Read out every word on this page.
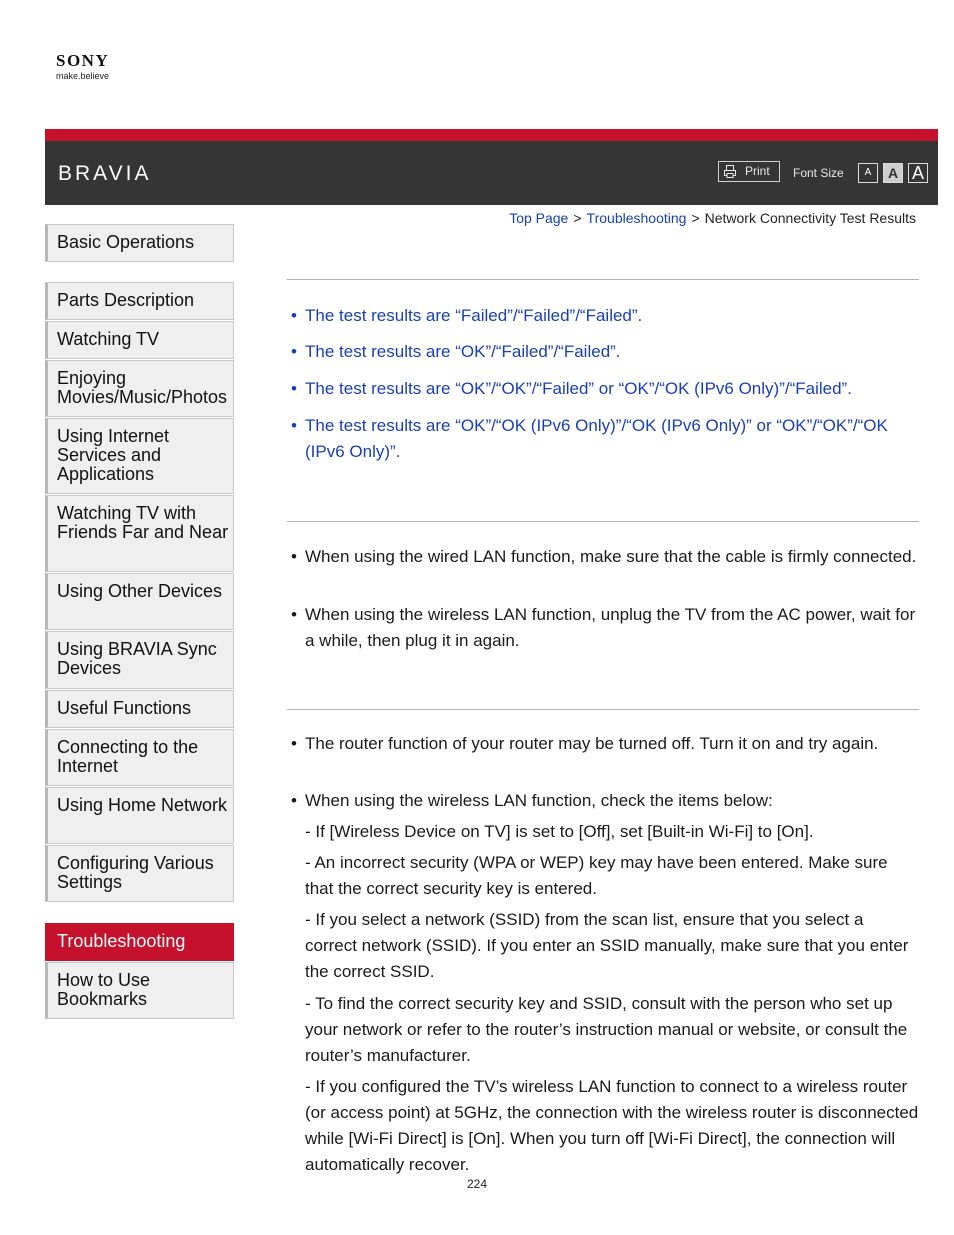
SONY
make.believe
BRAVIA	Print Font Size	A	A A
Top Page > Troubleshooting > Network Connectivity Test Results
Basic Operations
Parts Description
Watching TV
Enjoying Movies/Music/Photos
Using Internet Services and Applications
Watching TV with Friends Far and Near
Using Other Devices
Using BRAVIA Sync Devices
Useful Functions
Connecting to the Internet
Using Home Network
Configuring Various Settings
Troubleshooting
How to Use Bookmarks
• The test results are “Failed”/“Failed”/“Failed”.
• The test results are “OK”/“Failed”/“Failed”.
• The test results are “OK”/“OK”/“Failed” or “OK”/“OK (IPv6 Only)”/“Failed”.
• The test results are “OK”/“OK (IPv6 Only)”/“OK (IPv6 Only)” or “OK”/“OK”/“OK (IPv6 Only)”.
• When using the wired LAN function, make sure that the cable is firmly connected.
• When using the wireless LAN function, unplug the TV from the AC power, wait for a while, then plug it in again.
• The router function of your router may be turned off. Turn it on and try again.
• When using the wireless LAN function, check the items below:
- If [Wireless Device on TV] is set to [Off], set [Built-in Wi-Fi] to [On].
- An incorrect security (WPA or WEP) key may have been entered. Make sure that the correct security key is entered.
- If you select a network (SSID) from the scan list, ensure that you select a correct network (SSID). If you enter an SSID manually, make sure that you enter the correct SSID.
- To find the correct security key and SSID, consult with the person who set up your network or refer to the router’s instruction manual or website, or consult the router’s manufacturer.
- If you configured the TV’s wireless LAN function to connect to a wireless router (or access point) at 5GHz, the connection with the wireless router is disconnected while [Wi-Fi Direct] is [On]. When you turn off [Wi-Fi Direct], the connection will automatically recover.
224
